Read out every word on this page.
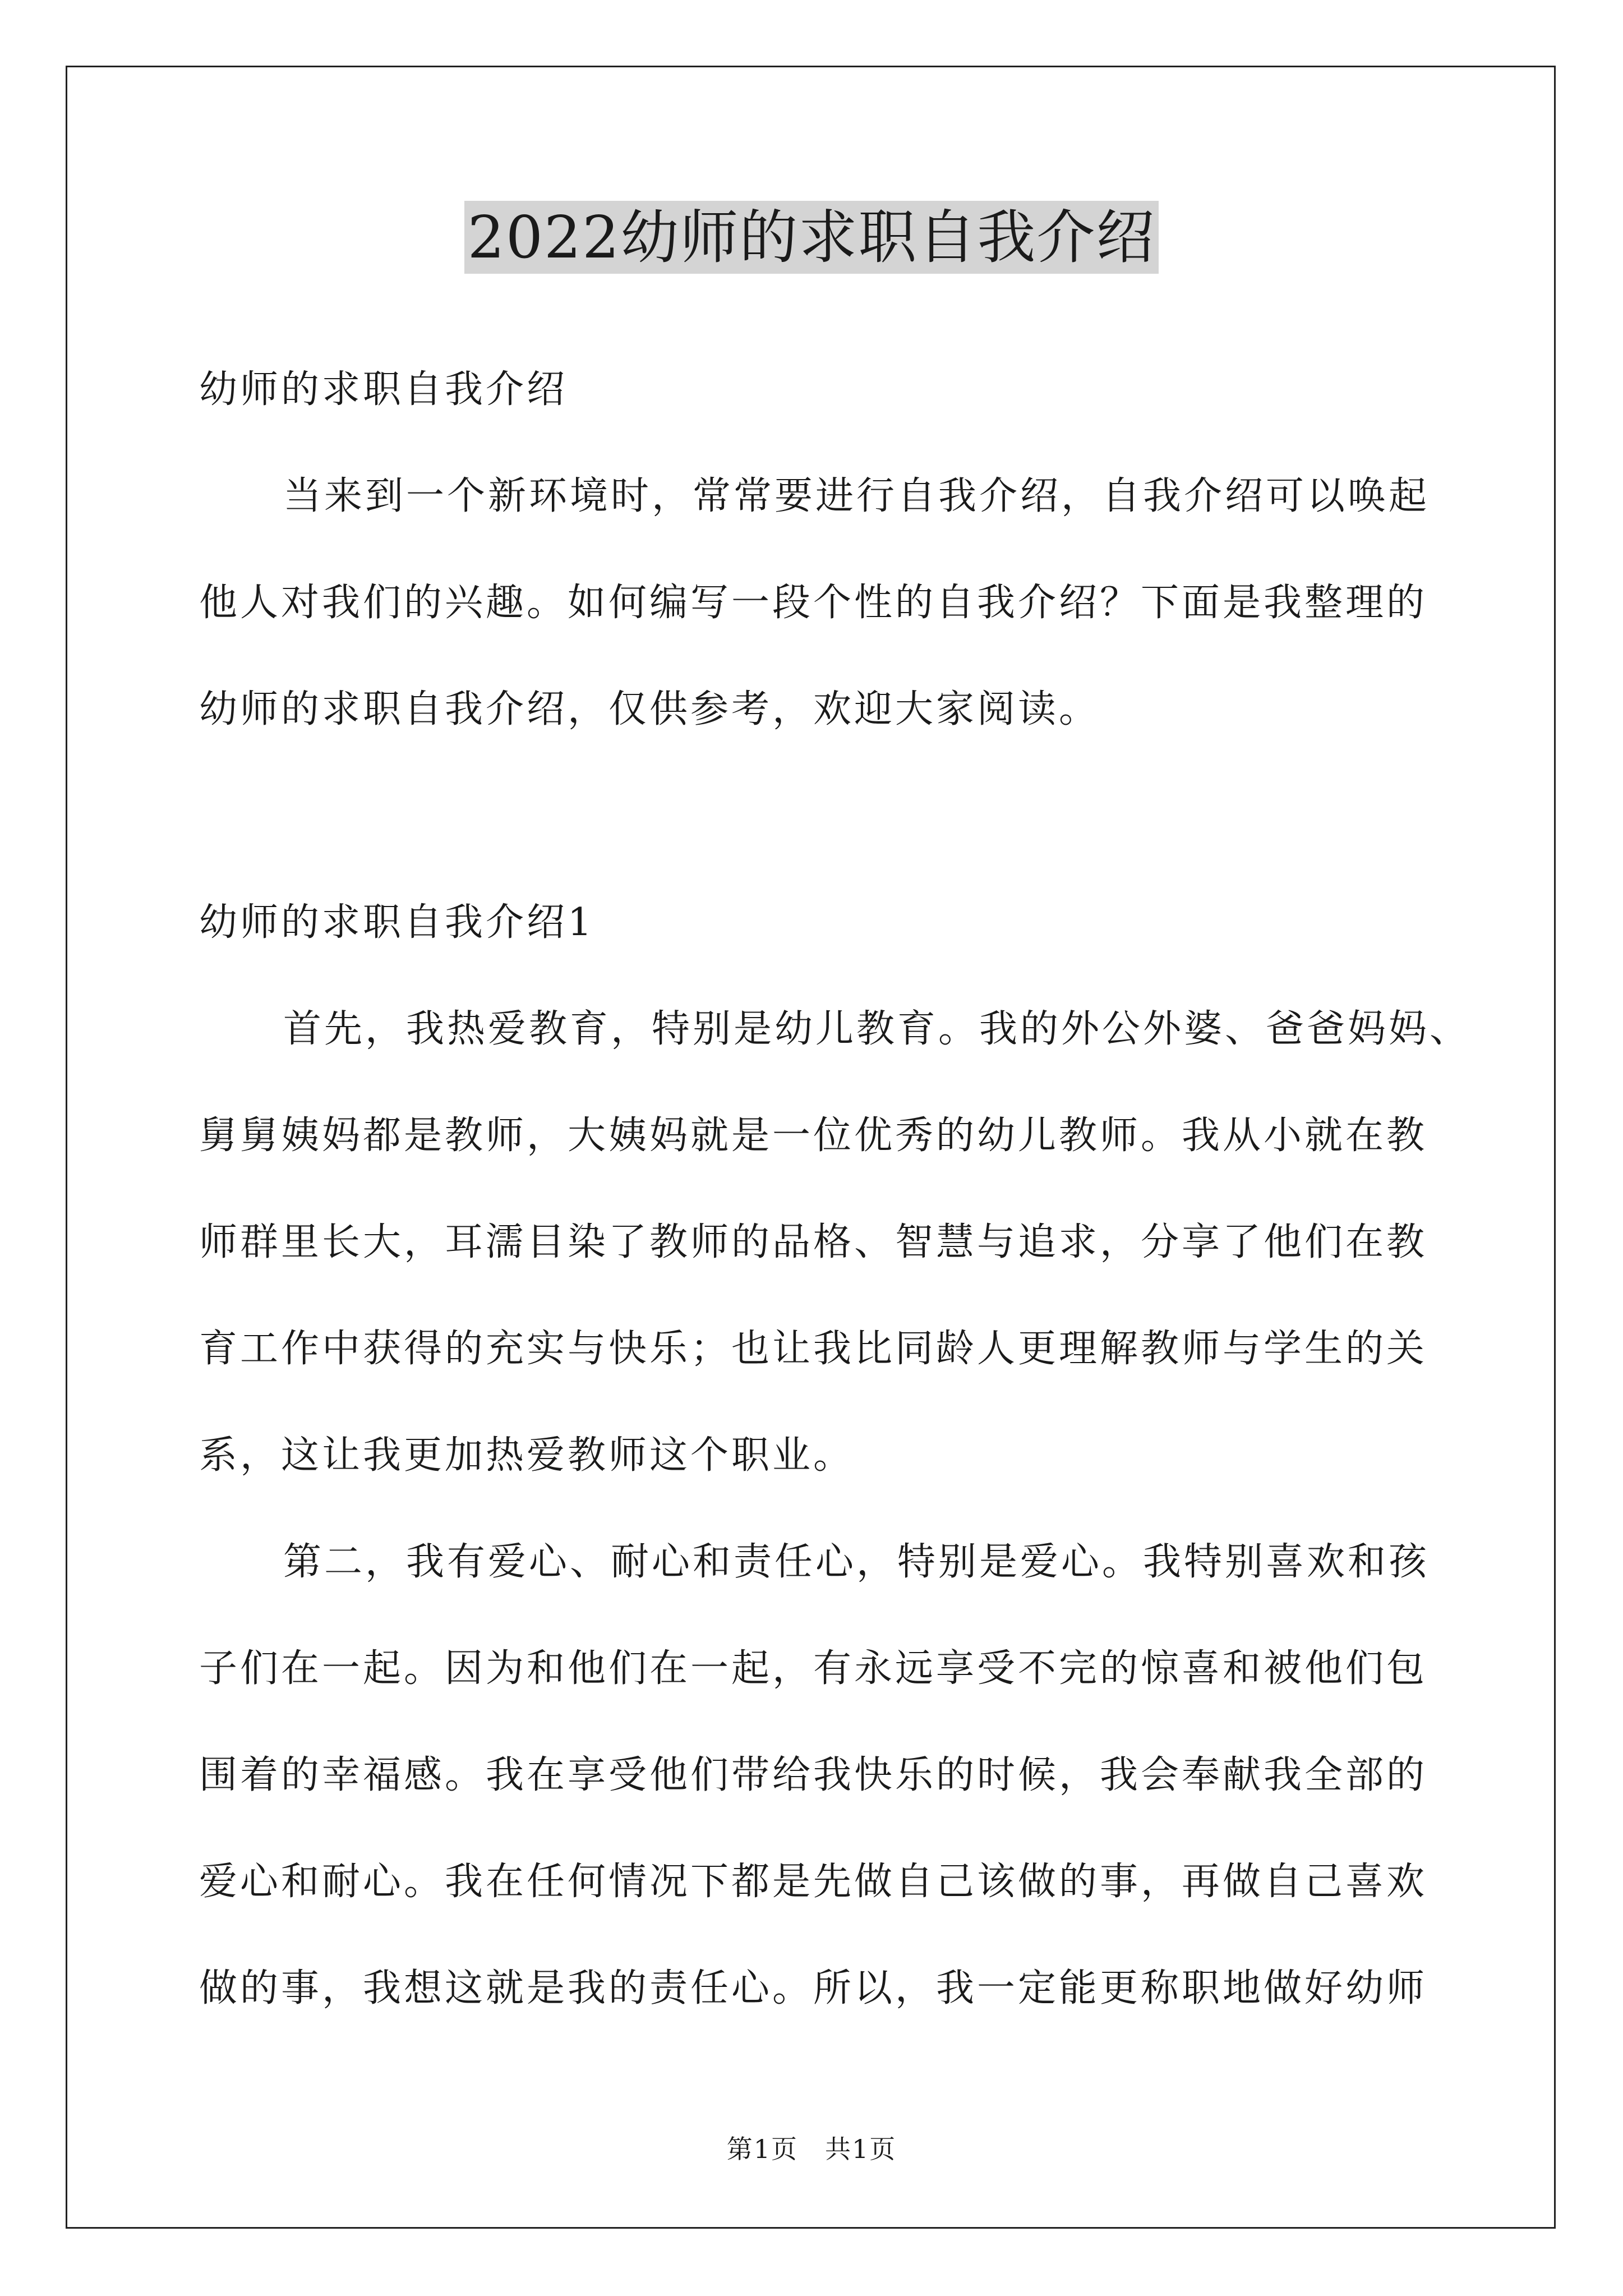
2022幼师的求职自我介绍

幼师的求职自我介绍

当来到一个新环境时，常常要进行自我介绍，自我介绍可以唤起
他人对我们的兴趣。如何编写一段个性的自我介绍？下面是我整理的
幼师的求职自我介绍，仅供参考，欢迎大家阅读。

幼师的求职自我介绍1

首先，我热爱教育，特别是幼儿教育。我的外公外婆、爸爸妈妈、
舅舅姨妈都是教师，大姨妈就是一位优秀的幼儿教师。我从小就在教
师群里长大，耳濡目染了教师的品格、智慧与追求，分享了他们在教
育工作中获得的充实与快乐；也让我比同龄人更理解教师与学生的关
系，这让我更加热爱教师这个职业。

第二，我有爱心、耐心和责任心，特别是爱心。我特别喜欢和孩
子们在一起。因为和他们在一起，有永远享受不完的惊喜和被他们包
围着的幸福感。我在享受他们带给我快乐的时候，我会奉献我全部的
爱心和耐心。我在任何情况下都是先做自己该做的事，再做自己喜欢
做的事，我想这就是我的责任心。所以，我一定能更称职地做好幼师

第1页　共1页
